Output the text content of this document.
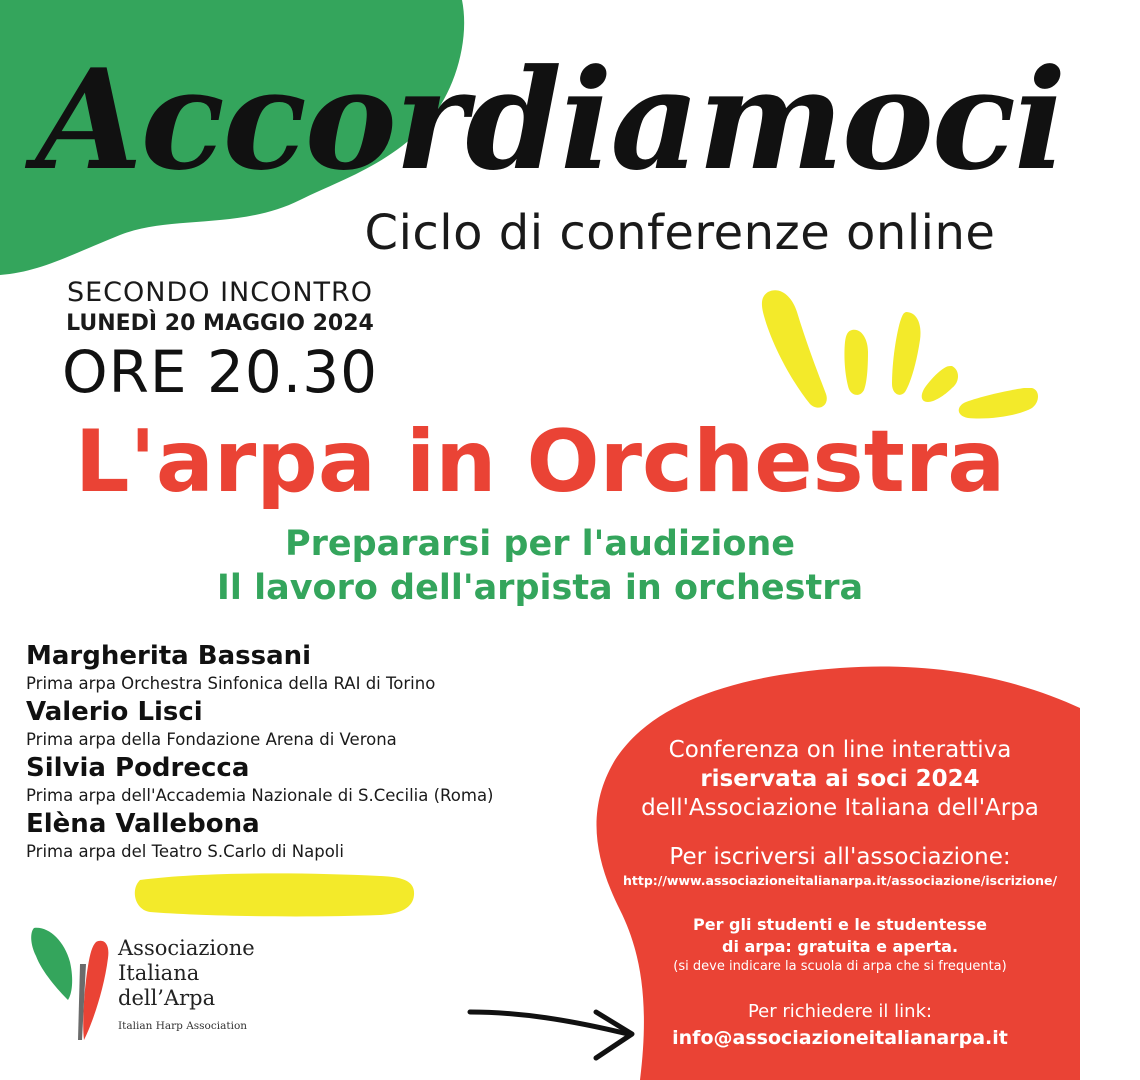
Accordiamoci
Ciclo di conferenze online
SECONDO INCONTRO
LUNEDÌ 20 MAGGIO 2024
ORE 20.30
L'arpa in Orchestra
Prepararsi per l'audizione
Il lavoro dell'arpista in orchestra
Margherita Bassani
Prima arpa Orchestra Sinfonica della RAI di Torino
Valerio Lisci
Prima arpa della Fondazione Arena di Verona
Silvia Podrecca
Prima arpa dell'Accademia Nazionale di S.Cecilia (Roma)
Elèna Vallebona
Prima arpa del Teatro S.Carlo di Napoli
Associazione
Italiana
dell’Arpa
Italian Harp Association
Conferenza on line interattiva
riservata ai soci 2024
dell'Associazione Italiana dell'Arpa
Per iscriversi all'associazione:
http://www.associazioneitalianarpa.it/associazione/iscrizione/
Per gli studenti e le studentesse
di arpa: gratuita e aperta.
(si deve indicare la scuola di arpa che si frequenta)
Per richiedere il link:
info@associazioneitalianarpa.it
